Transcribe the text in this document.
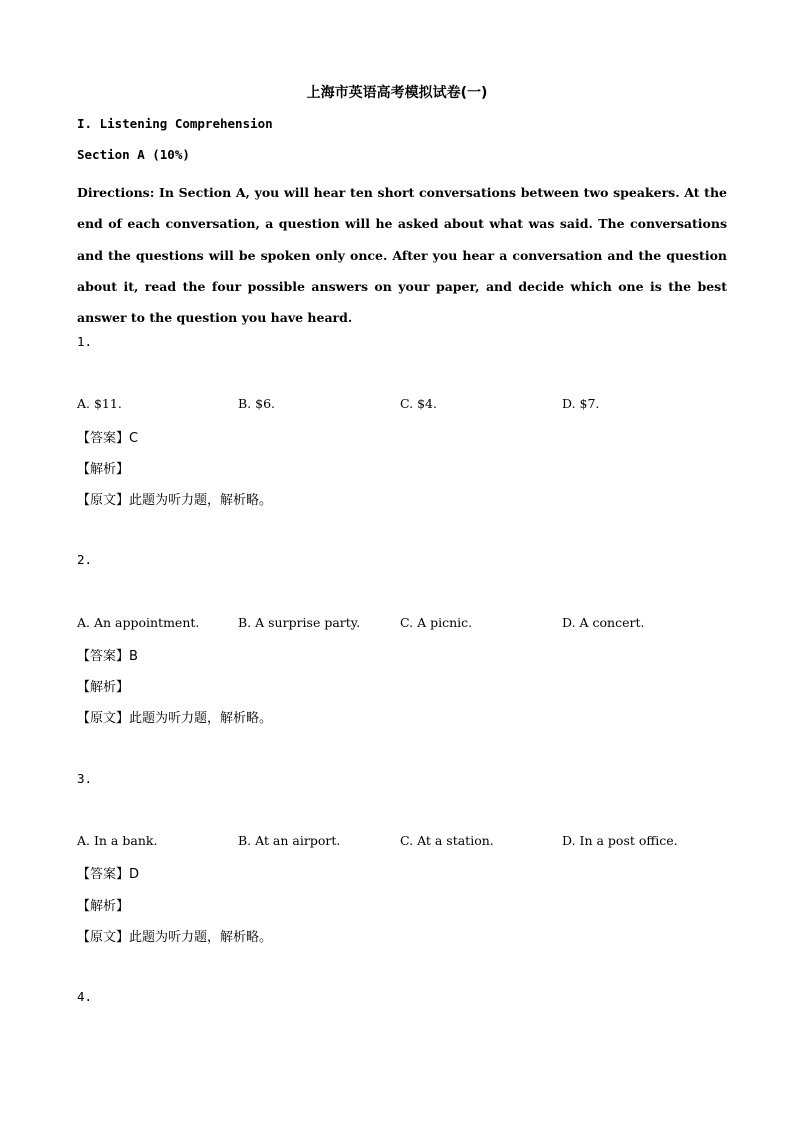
上海市英语高考模拟试卷(一)
I. Listening Comprehension
Section A (10%)
Directions: In Section A, you will hear ten short conversations between two speakers. At the end of each conversation, a question will he asked about what was said. The conversations and the questions will be spoken only once. After you hear a conversation and the question about it, read the four possible answers on your paper, and decide which one is the best answer to the question you have heard.
1.
A. $11.	B. $6.	C. $4.	D. $7.
【答案】C
【解析】
【原文】此题为听力题，解析略。
2.
A. An appointment.	B. A surprise party.	C. A picnic.	D. A concert.
【答案】B
【解析】
【原文】此题为听力题，解析略。
3.
A. In a bank.	B. At an airport.	C. At a station.	D. In a post office.
【答案】D
【解析】
【原文】此题为听力题，解析略。
4.
